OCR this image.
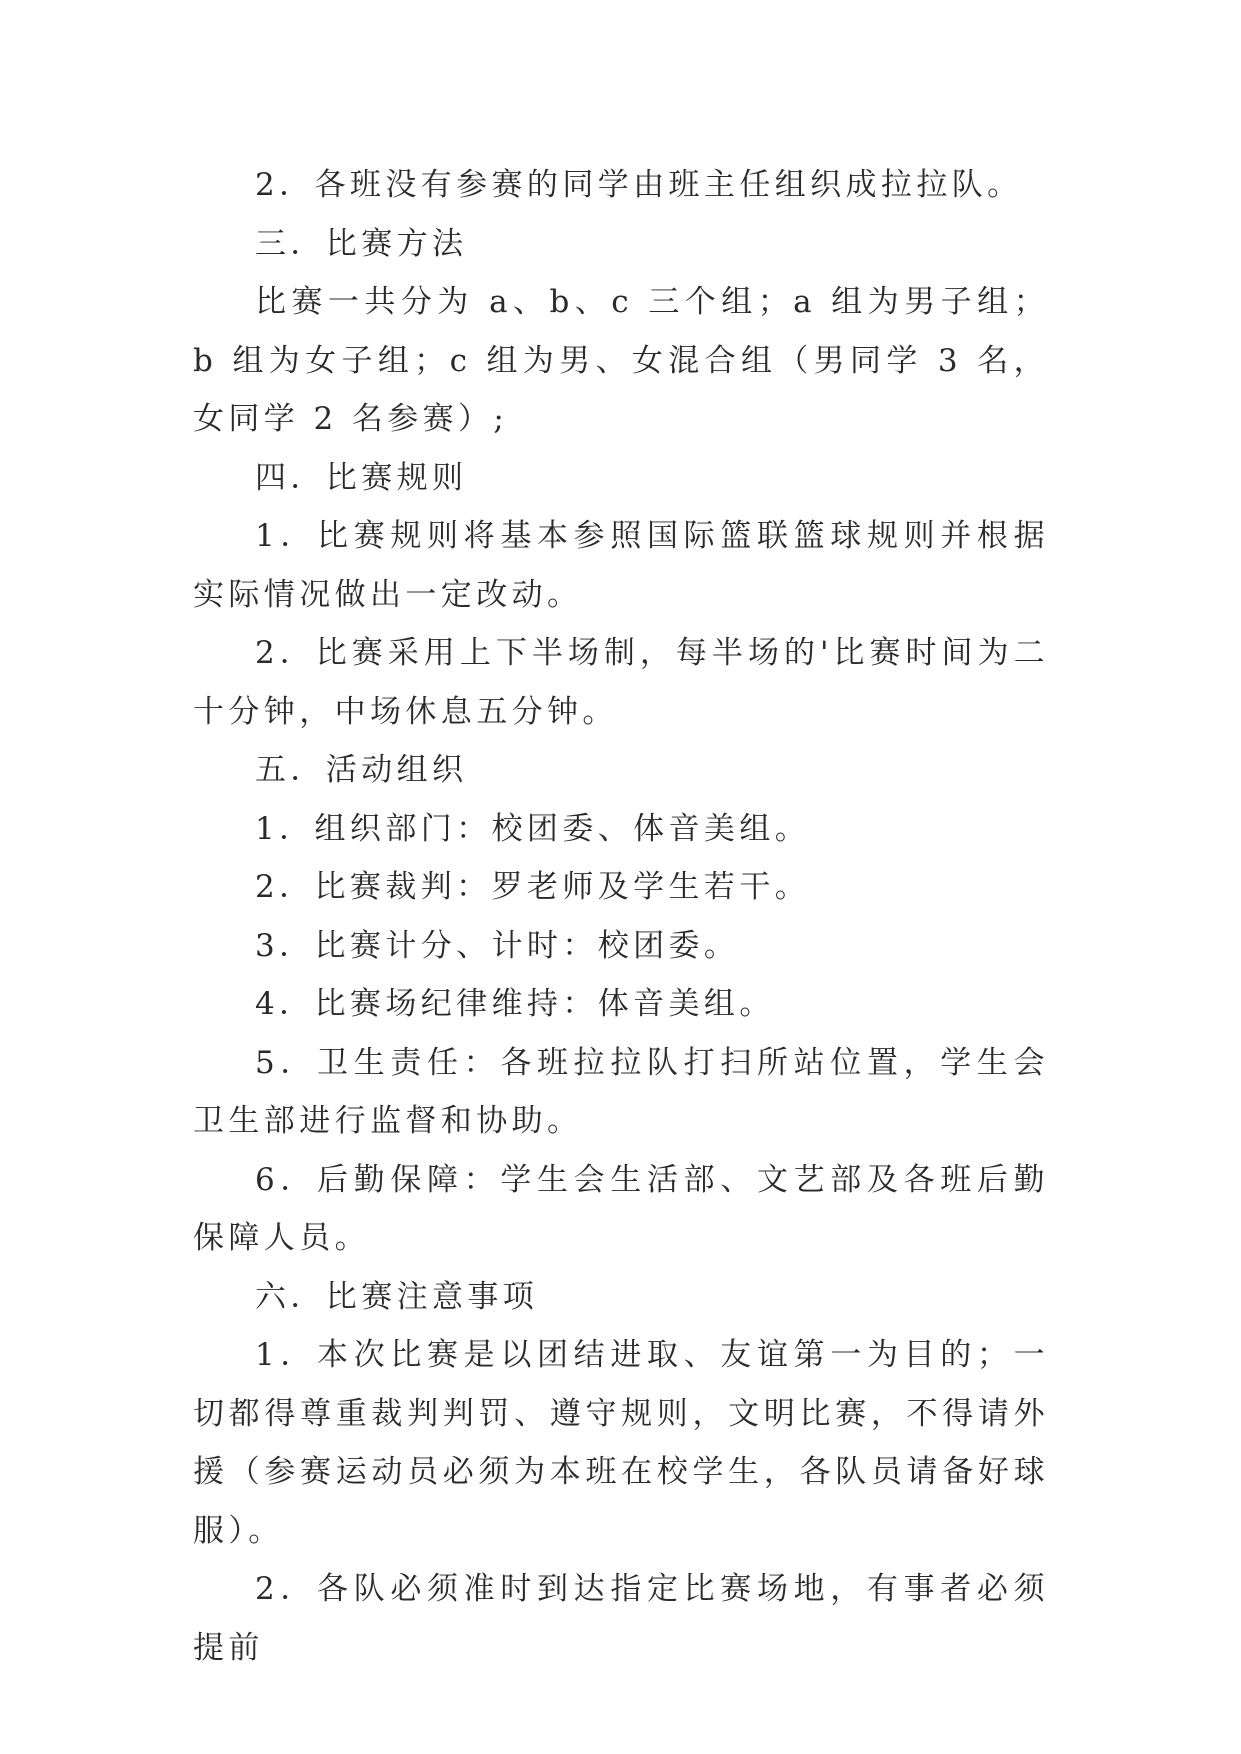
2．各班没有参赛的同学由班主任组织成拉拉队。

三．比赛方法

比赛一共分为 a、b、c 三个组；a 组为男子组；b 组为女子组；c 组为男、女混合组（男同学 3 名，女同学 2 名参赛）;

四．比赛规则

1．比赛规则将基本参照国际篮联篮球规则并根据实际情况做出一定改动。

2．比赛采用上下半场制，每半场的'比赛时间为二十分钟，中场休息五分钟。

五．活动组织

1．组织部门：校团委、体音美组。

2．比赛裁判：罗老师及学生若干。

3．比赛计分、计时：校团委。

4．比赛场纪律维持：体音美组。

5．卫生责任：各班拉拉队打扫所站位置，学生会卫生部进行监督和协助。

6．后勤保障：学生会生活部、文艺部及各班后勤保障人员。

六．比赛注意事项

1．本次比赛是以团结进取、友谊第一为目的；一切都得尊重裁判判罚、遵守规则，文明比赛，不得请外援（参赛运动员必须为本班在校学生，各队员请备好球服）。

2．各队必须准时到达指定比赛场地，有事者必须提前
